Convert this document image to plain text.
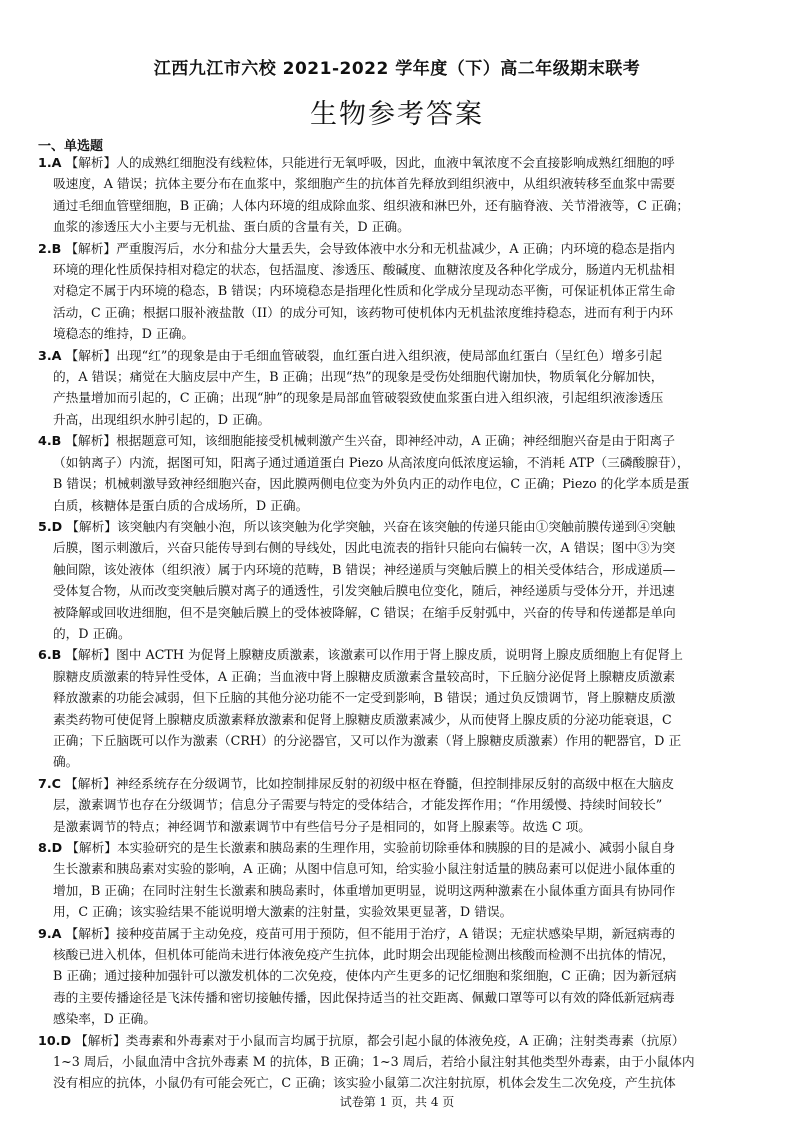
江西九江市六校 2021-2022 学年度（下）高二年级期末联考
生物参考答案
一、单选题
1.A 【解析】人的成熟红细胞没有线粒体，只能进行无氧呼吸，因此，血液中氧浓度不会直接影响成熟红细胞的呼
吸速度，A 错误；抗体主要分布在血浆中，浆细胞产生的抗体首先释放到组织液中，从组织液转移至血浆中需要
通过毛细血管壁细胞，B 正确；人体内环境的组成除血浆、组织液和淋巴外，还有脑脊液、关节滑液等，C 正确；
血浆的渗透压大小主要与无机盐、蛋白质的含量有关，D 正确。
2.B 【解析】严重腹泻后，水分和盐分大量丢失，会导致体液中水分和无机盐减少，A 正确；内环境的稳态是指内
环境的理化性质保持相对稳定的状态，包括温度、渗透压、酸碱度、血糖浓度及各种化学成分，肠道内无机盐相
对稳定不属于内环境的稳态，B 错误；内环境稳态是指理化性质和化学成分呈现动态平衡，可保证机体正常生命
活动，C 正确；根据口服补液盐散（II）的成分可知，该药物可使机体内无机盐浓度维持稳态，进而有利于内环
境稳态的维持，D 正确。
3.A 【解析】出现“红”的现象是由于毛细血管破裂，血红蛋白进入组织液，使局部血红蛋白（呈红色）增多引起
的，A 错误；痛觉在大脑皮层中产生，B 正确；出现“热”的现象是受伤处细胞代谢加快，物质氧化分解加快，
产热量增加而引起的，C 正确；出现“肿”的现象是局部血管破裂致使血浆蛋白进入组织液，引起组织液渗透压
升高，出现组织水肿引起的，D 正确。
4.B 【解析】根据题意可知，该细胞能接受机械刺激产生兴奋，即神经冲动，A 正确；神经细胞兴奋是由于阳离子
（如钠离子）内流，据图可知，阳离子通过通道蛋白 Piezo 从高浓度向低浓度运输，不消耗 ATP（三磷酸腺苷），
B 错误；机械刺激导致神经细胞兴奋，因此膜两侧电位变为外负内正的动作电位，C 正确；Piezo 的化学本质是蛋
白质，核糖体是蛋白质的合成场所，D 正确。
5.D 【解析】该突触内有突触小泡，所以该突触为化学突触，兴奋在该突触的传递只能由①突触前膜传递到④突触
后膜，图示刺激后，兴奋只能传导到右侧的导线处，因此电流表的指针只能向右偏转一次，A 错误；图中③为突
触间隙，该处液体（组织液）属于内环境的范畴，B 错误；神经递质与突触后膜上的相关受体结合，形成递质—
受体复合物，从而改变突触后膜对离子的通透性，引发突触后膜电位变化，随后，神经递质与受体分开，并迅速
被降解或回收进细胞，但不是突触后膜上的受体被降解，C 错误；在缩手反射弧中，兴奋的传导和传递都是单向
的，D 正确。
6.B 【解析】图中 ACTH 为促肾上腺糖皮质激素，该激素可以作用于肾上腺皮质，说明肾上腺皮质细胞上有促肾上
腺糖皮质激素的特异性受体，A 正确；当血液中肾上腺糖皮质激素含量较高时，下丘脑分泌促肾上腺糖皮质激素
释放激素的功能会减弱，但下丘脑的其他分泌功能不一定受到影响，B 错误；通过负反馈调节，肾上腺糖皮质激
素类药物可使促肾上腺糖皮质激素释放激素和促肾上腺糖皮质激素减少，从而使肾上腺皮质的分泌功能衰退，C
正确；下丘脑既可以作为激素（CRH）的分泌器官，又可以作为激素（肾上腺糖皮质激素）作用的靶器官，D 正
确。
7.C 【解析】神经系统存在分级调节，比如控制排尿反射的初级中枢在脊髓，但控制排尿反射的高级中枢在大脑皮
层，激素调节也存在分级调节；信息分子需要与特定的受体结合，才能发挥作用；“作用缓慢、持续时间较长”
是激素调节的特点；神经调节和激素调节中有些信号分子是相同的，如肾上腺素等。故选 C 项。
8.D 【解析】本实验研究的是生长激素和胰岛素的生理作用，实验前切除垂体和胰腺的目的是减小、减弱小鼠自身
生长激素和胰岛素对实验的影响，A 正确；从图中信息可知，给实验小鼠注射适量的胰岛素可以促进小鼠体重的
增加，B 正确；在同时注射生长激素和胰岛素时，体重增加更明显，说明这两种激素在小鼠体重方面具有协同作
用，C 正确；该实验结果不能说明增大激素的注射量，实验效果更显著，D 错误。
9.A 【解析】接种疫苗属于主动免疫，疫苗可用于预防，但不能用于治疗，A 错误；无症状感染早期，新冠病毒的
核酸已进入机体，但机体可能尚未进行体液免疫产生抗体，此时期会出现能检测出核酸而检测不出抗体的情况，
B 正确；通过接种加强针可以激发机体的二次免疫，使体内产生更多的记忆细胞和浆细胞，C 正确；因为新冠病
毒的主要传播途径是飞沫传播和密切接触传播，因此保持适当的社交距离、佩戴口罩等可以有效的降低新冠病毒
感染率，D 正确。
10.D 【解析】类毒素和外毒素对于小鼠而言均属于抗原，都会引起小鼠的体液免疫，A 正确；注射类毒素（抗原）
1~3 周后，小鼠血清中含抗外毒素 M 的抗体，B 正确；1~3 周后，若给小鼠注射其他类型外毒素，由于小鼠体内
没有相应的抗体，小鼠仍有可能会死亡，C 正确；该实验小鼠第二次注射抗原，机体会发生二次免疫，产生抗体
试卷第 1 页，共 4 页
